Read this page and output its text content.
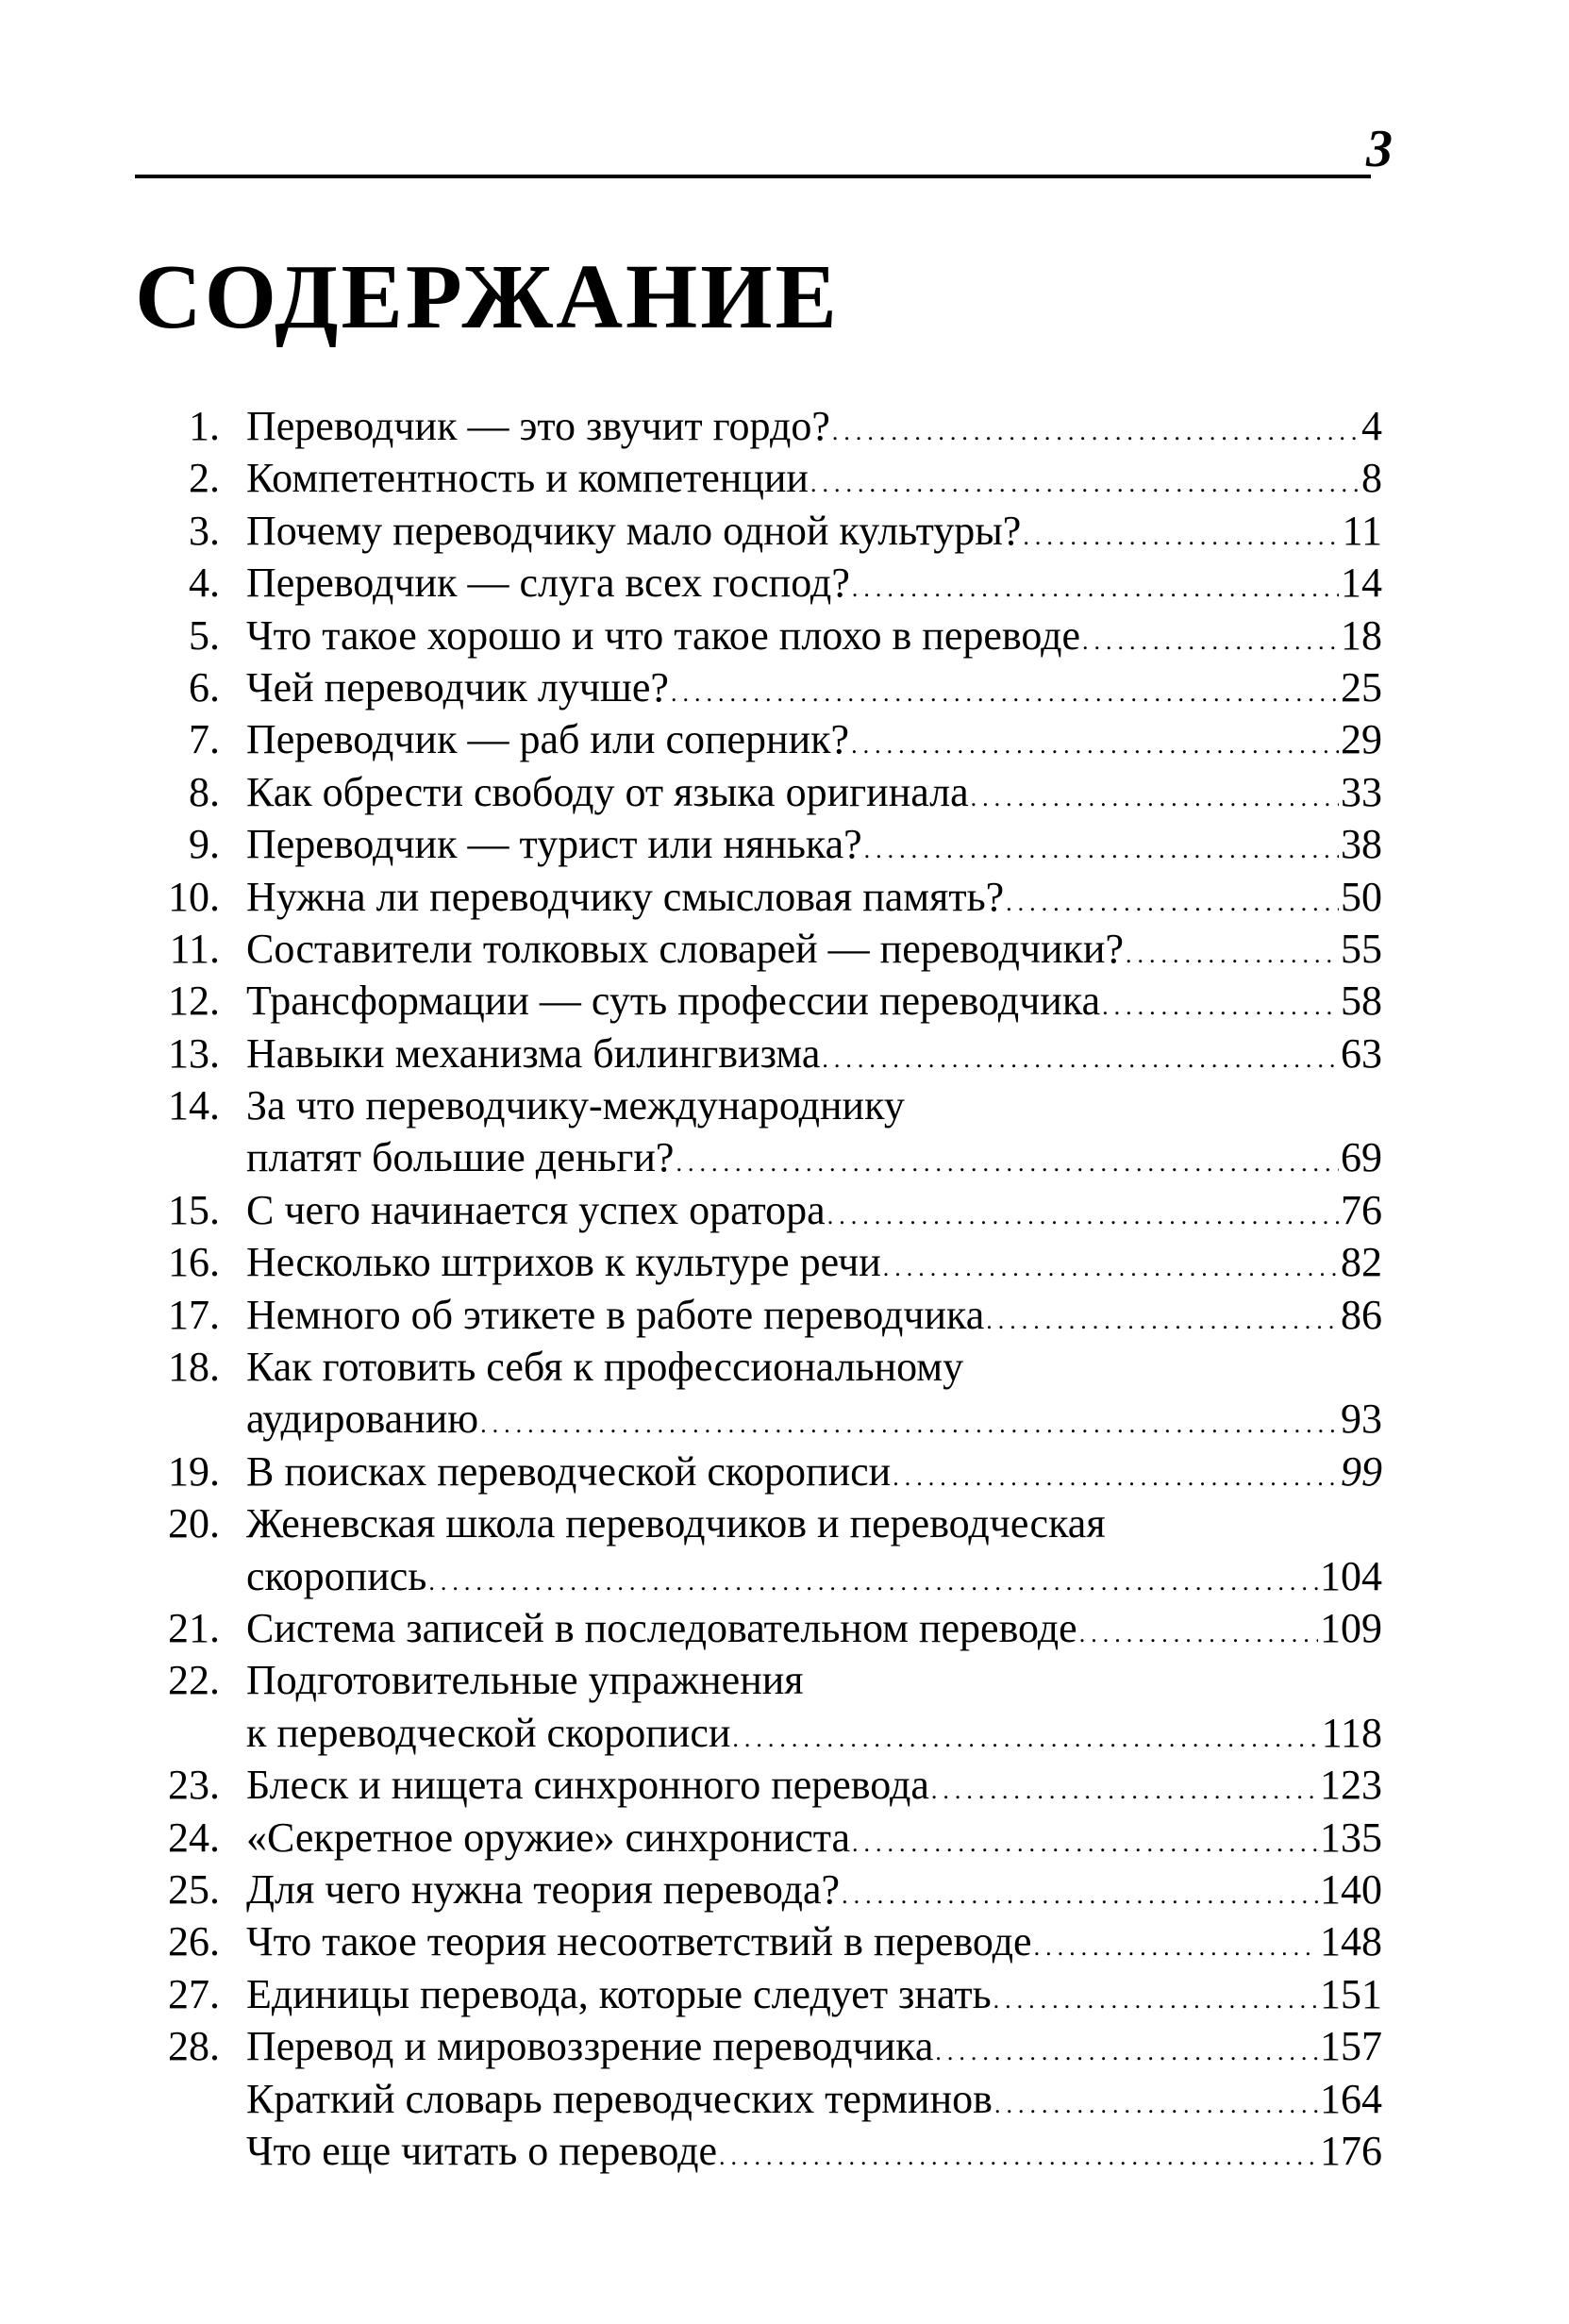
3
СОДЕРЖАНИЕ
1. Переводчик — это звучит гордо? .....	4
2. Компетентность и компетенции .....	8
3. Почему переводчику мало одной культуры? .....	11
4. Переводчик — слуга всех господ? .....	14
5. Что такое хорошо и что такое плохо в переводе .....	18
6. Чей переводчик лучше? .....	25
7. Переводчик — раб или соперник? .....	29
8. Как обрести свободу от языка оригинала .....	33
9. Переводчик — турист или нянька? .....	38
10. Нужна ли переводчику смысловая память? .....	50
11. Составители толковых словарей — переводчики? .....	55
12. Трансформации — суть профессии переводчика .....	58
13. Навыки механизма билингвизма .....	63
14. За что переводчику-международнику
платят большие деньги? .....	69
15. С чего начинается успех оратора .....	76
16. Несколько штрихов к культуре речи .....	82
17. Немного об этикете в работе переводчика .....	86
18. Как готовить себя к профессиональному
аудированию .....	93
19. В поисках переводческой скорописи .....	99
20. Женевская школа переводчиков и переводческая
скоропись .....	104
21. Система записей в последовательном переводе .....	109
22. Подготовительные упражнения
к переводческой скорописи .....	118
23. Блеск и нищета синхронного перевода .....	123
24. «Секретное оружие» синхрониста .....	135
25. Для чего нужна теория перевода? .....	140
26. Что такое теория несоответствий в переводе .....	148
27. Единицы перевода, которые следует знать .....	151
28. Перевод и мировоззрение переводчика .....	157
Краткий словарь переводческих терминов .....	164
Что еще читать о переводе .....	176
